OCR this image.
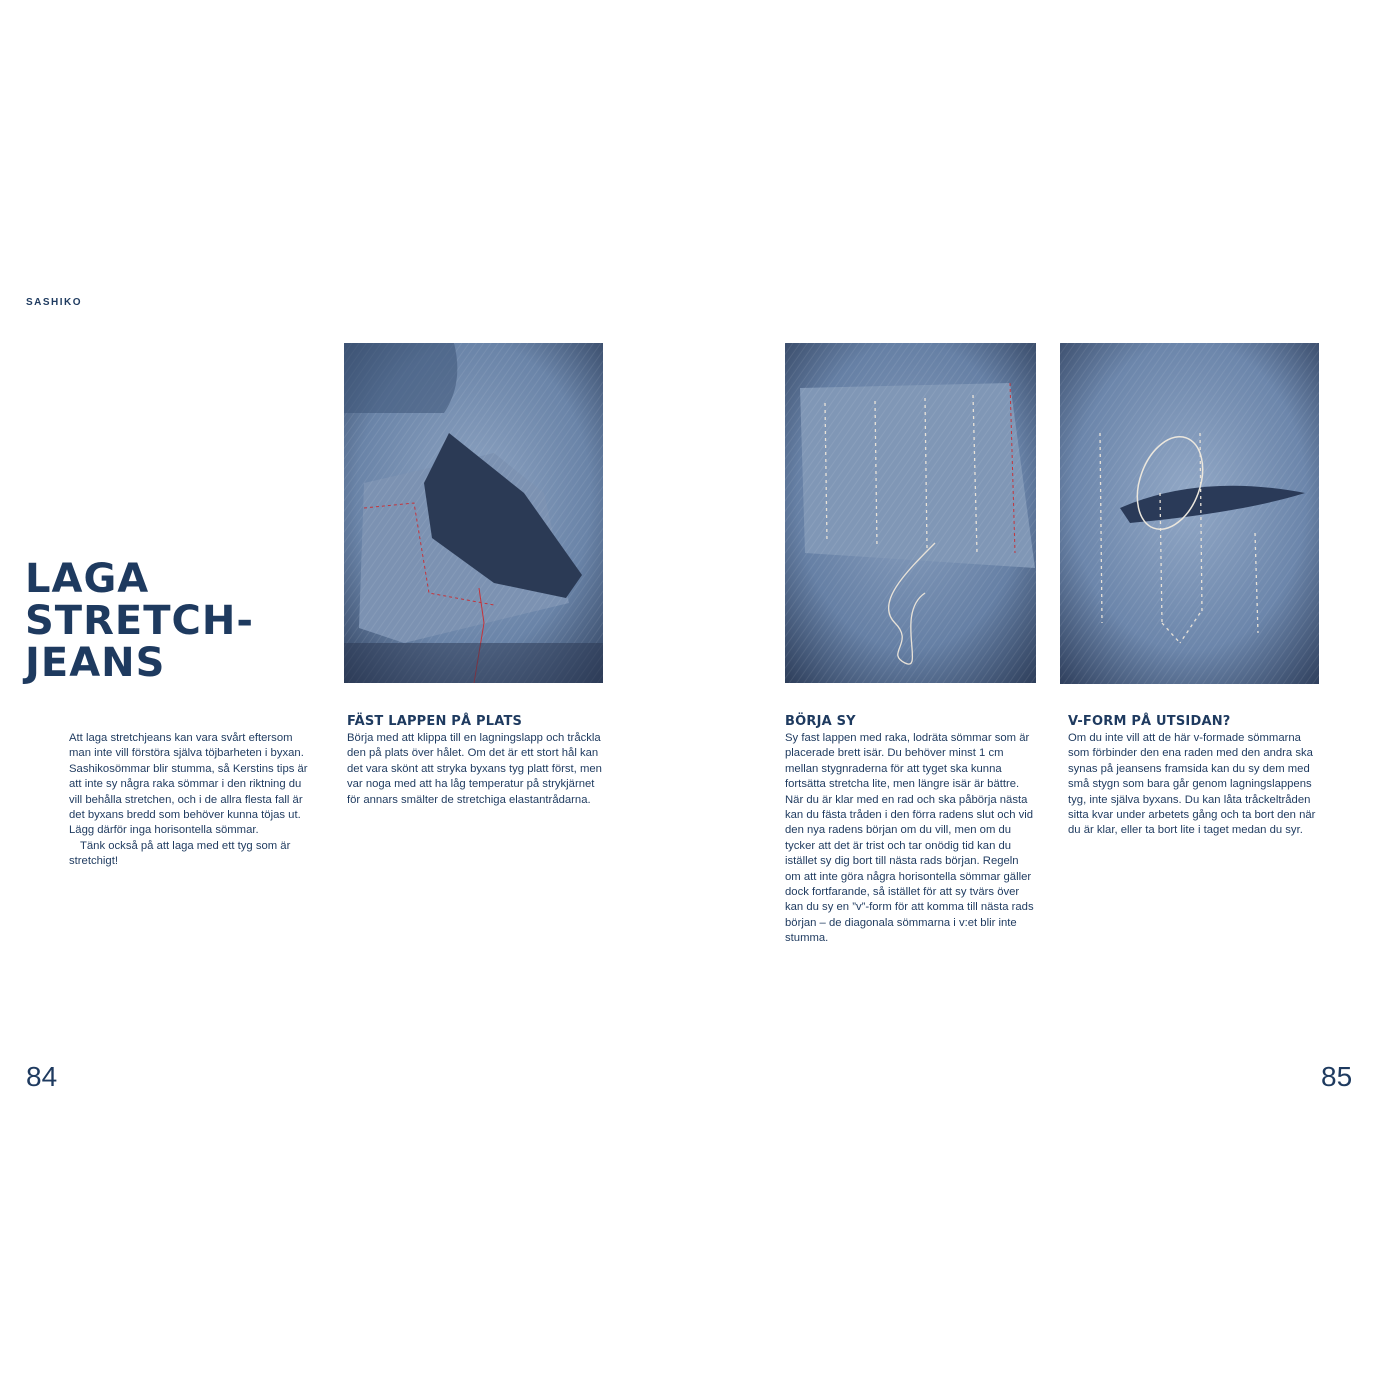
SASHIKO
LAGA
STRETCH-
JEANS

Att laga stretchjeans kan vara svårt eftersom man inte vill förstöra själva töjbarheten i byxan. Sashikosömmar blir stumma, så Kerstins tips är att inte sy några raka sömmar i den riktning du vill behålla stretchen, och i de allra flesta fall är det byxans bredd som behöver kunna töjas ut. Lägg därför inga horisontella sömmar.

Tänk också på att laga med ett tyg som är stretchigt!

FÄST LAPPEN PÅ PLATS

Börja med att klippa till en lagningslapp och tråckla den på plats över hålet. Om det är ett stort hål kan det vara skönt att stryka byxans tyg platt först, men var noga med att ha låg temperatur på strykjärnet för annars smälter de stretchiga elastantrådarna.

BÖRJA SY

Sy fast lappen med raka, lodräta sömmar som är placerade brett isär. Du behöver minst 1 cm mellan stygnraderna för att tyget ska kunna fortsätta stretcha lite, men längre isär är bättre. När du är klar med en rad och ska påbörja nästa kan du fästa tråden i den förra radens slut och vid den nya radens början om du vill, men om du tycker att det är trist och tar onödig tid kan du istället sy dig bort till nästa rads början. Regeln om att inte göra några horisontella sömmar gäller dock fortfarande, så istället för att sy tvärs över kan du sy en ”v”-form för att komma till nästa rads början – de diagonala sömmarna i v:et blir inte stumma.

V-FORM PÅ UTSIDAN?

Om du inte vill att de här v-formade sömmarna som förbinder den ena raden med den andra ska synas på jeansens framsida kan du sy dem med små stygn som bara går genom lagningslappens tyg, inte själva byxans. Du kan låta tråckeltråden sitta kvar under arbetets gång och ta bort den när du är klar, eller ta bort lite i taget medan du syr.

84	85
